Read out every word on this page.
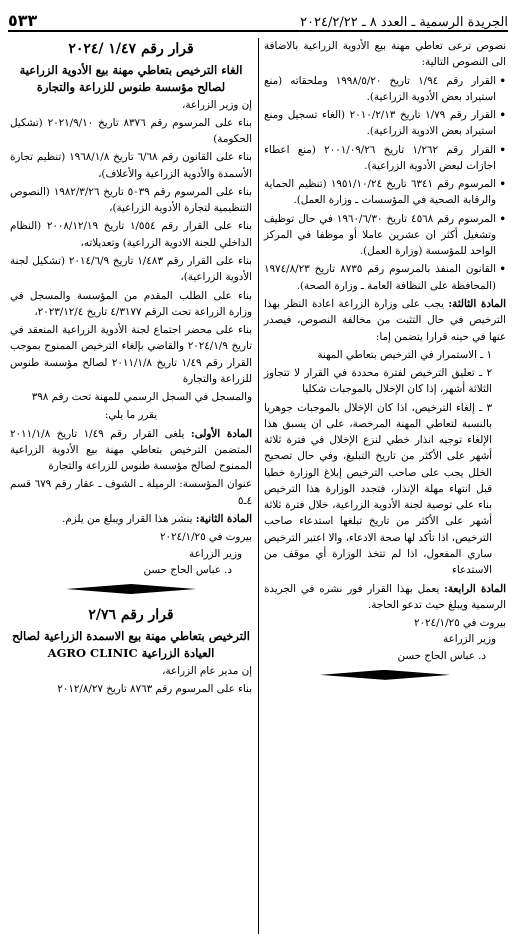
الجريدة الرسمية ـ العدد ٨ ـ ٢٠٢٤/٢/٢٢
٥٣٣

نصوص ترعى تعاطي مهنة بيع الأدوية الزراعية بالاضافة الى النصوص التالية:

• القرار رقم ١/٩٤ تاريخ ١٩٩٨/٥/٢٠ وملحقاته (منع استيراد بعض الأدوية الزراعية).

• القرار رقم ١/٧٩ تاريخ ٢٠١٠/٢/١٣ (الغاء تسجيل ومنع استيراد بعض الادوية الزراعية).

• القرار رقم ١/٢٦٢ تاريخ ٢٠٠١/٠٩/٢٦ (منع اعطاء اجازات لبعض الأدوية الزراعية).

• المرسوم رقم ٦٣٤١ تاريخ ١٩٥١/١٠/٢٤ (تنظيم الحماية والرقابة الصحية في المؤسسات ـ وزارة العمل).

• المرسوم رقم ٤٥٦٨ تاريخ ١٩٦٠/٦/٣٠ في حال توظيف وتشغيل أكثر ان عشرين عاملا أو موظفا في المركز الواحد للمؤسسة (وزارة العمل).

• القانون المنفذ بالمرسوم رقم ٨٧٣٥ تاريخ ١٩٧٤/٨/٢٣ (المحافظة على النظافة العامة ـ وزارة الصحة).

المادة الثالثة: يجب على وزارة الزراعة اعادة النظر بهذا الترخيص في حال التثبت من مخالفة النصوص، فيصدر عنها في حينه قرارا يتضمن إما:

١ ـ الاستمرار في الترخيص بتعاطي المهنة

٢ ـ تعليق الترخيص لفترة محددة في القرار لا تتجاوز الثلاثة أشهر، إذا كان الإخلال بالموجبات شكليا

٣ ـ إلغاء الترخيص، اذا كان الإخلال بالموجبات جوهريا بالنسبة لتعاطي المهنة المرخصة، على ان يسبق هذا الإلغاء توجيه انذار خطي لنزع الإخلال في فترة ثلاثة أشهر على الأكثر من تاريخ التبليغ، وفي حال تصحيح الخلل يجب على صاحب الترخيص إبلاغ الوزارة خطيا قبل انتهاء مهلة الإنذار، فتجدد الوزارة هذا الترخيص بناء على توصية لجنة الأدوية الزراعية، خلال فترة ثلاثة أشهر على الأكثر من تاريخ تبلغها استدعاء صاحب الترخيص، اذا تأكد لها صحة الادعاء، والا اعتبر الترخيص ساري المفعول، اذا لم تتخذ الوزارة أي موقف من الاستدعاء

المادة الرابعة: يعمل بهذا القرار فور نشره في الجريدة الرسمية ويبلغ حيث تدعو الحاجة.

بيروت في ٢٠٢٤/١/٢٥
وزير الزراعة
د. عباس الحاج حسن
قرار رقم ١/٤٧ /٢٠٢٤
الغاء الترخيص بتعاطي مهنة بيع الأدوية الزراعية لصالح مؤسسة طنوس للزراعة والتجارة

إن وزير الزراعة،

بناء على المرسوم رقم ٨٣٧٦ تاريخ ٢٠٢١/٩/١٠ (تشكيل الحكومة)

بناء على القانون رقم ٦/٦٨ تاريخ ١٩٦٨/١/٨ (تنظيم تجارة الأسمدة والأدوية الزراعية والأعلاف)،

بناء على المرسوم رقم ٥٠٣٩ تاريخ ١٩٨٢/٣/٢٦ (النصوص التنظيمية لتجارة الأدوية الزراعية)،

بناء على القرار رقم ١/٥٥٤ تاريخ ٢٠٠٨/١٢/١٩ (النظام الداخلي للجنة الادوية الزراعية) وتعديلاته،

بناء على القرار رقم ١/٤٨٣ تاريخ ٢٠١٤/٦/٩ (تشكيل لجنة الأدوية الزراعية)،

بناء على الطلب المقدم من المؤسسة والمسجل في وزارة الزراعة تحت الرقم ٤/٣١٧٧ تاريخ ٢٠٢٣/١٢/٤،

بناء على محضر اجتماع لجنة الأدوية الزراعية المنعقد في تاريخ ٢٠٢٤/١/٩ والقاضي بإلغاء الترخيص الممنوح بموجب القرار رقم ١/٤٩ تاريخ ٢٠١١/١/٨ لصالح مؤسسة طنوس للزراعة والتجارة

والمسجل في السجل الرسمي للمهنة تحت رقم ٣٩٨

يقرر ما يلي:

المادة الأولى: يلغى القرار رقم ١/٤٩ تاريخ ٢٠١١/١/٨ المتضمن الترخيص بتعاطي مهنة بيع الأدوية الزراعية الممنوح لصالح مؤسسة طنوس للزراعة والتجارة

عنوان المؤسسة: الرميلة ـ الشوف ـ عقار رقم ٦٧٩ قسم ٤ـ٥

المادة الثانية: ينشر هذا القرار ويبلغ من يلزم.

بيروت في ٢٠٢٤/١/٢٥
وزير الزراعة
د. عباس الحاج حسن
قرار رقم ٢/٧٦
الترخيص بتعاطي مهنة بيع الاسمدة الزراعية لصالح العيادة الزراعية AGRO CLINIC

إن مدير عام الزراعة،

بناء على المرسوم رقم ٨٧٦٣ تاريخ ٢٠١٢/٨/٢٧
